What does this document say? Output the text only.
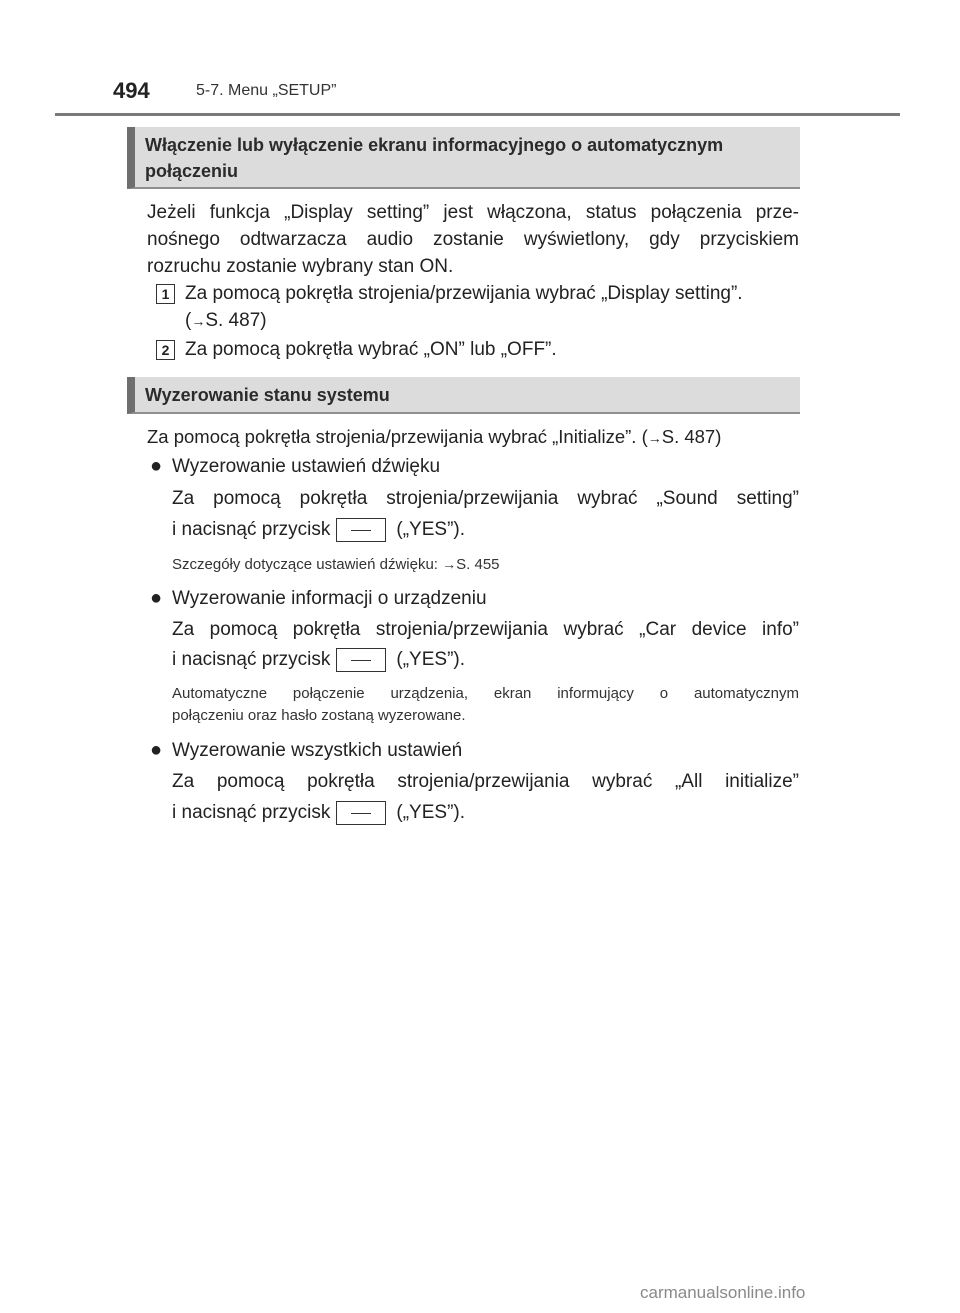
494	5-7. Menu „SETUP”
Włączenie lub wyłączenie ekranu informacyjnego o automatycznym połączeniu
Jeżeli funkcja „Display setting” jest włączona, status połączenia prze-
nośnego odtwarzacza audio zostanie wyświetlony, gdy przyciskiem
rozruchu zostanie wybrany stan ON.
1 Za pomocą pokrętła strojenia/przewijania wybrać „Display setting”.
(→S. 487)
2 Za pomocą pokrętła wybrać „ON” lub „OFF”.
Wyzerowanie stanu systemu
Za pomocą pokrętła strojenia/przewijania wybrać „Initialize”. (→S. 487)
● Wyzerowanie ustawień dźwięku
Za pomocą pokrętła strojenia/przewijania wybrać „Sound setting”
i nacisnąć przycisk	(„YES”).
Szczegóły dotyczące ustawień dźwięku: →S. 455
● Wyzerowanie informacji o urządzeniu
Za pomocą pokrętła strojenia/przewijania wybrać „Car device info”
i nacisnąć przycisk	(„YES”).
Automatyczne połączenie urządzenia, ekran informujący o automatycznym
połączeniu oraz hasło zostaną wyzerowane.
● Wyzerowanie wszystkich ustawień
Za pomocą pokrętła strojenia/przewijania wybrać „All initialize”
i nacisnąć przycisk	(„YES”).
carmanualsonline.info
